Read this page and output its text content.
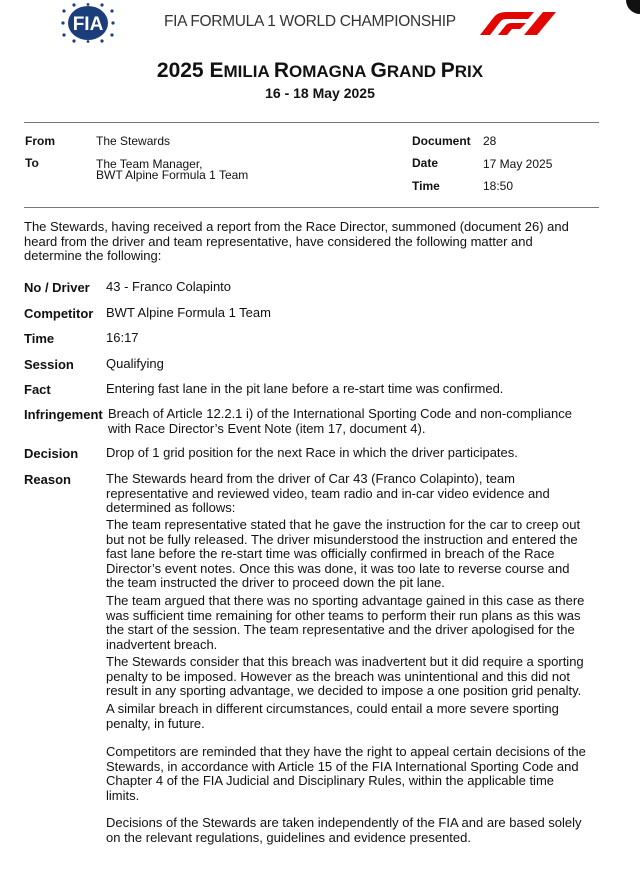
FIA	FIA FORMULA 1 WORLD CHAMPIONSHIP
2025 EMILIA ROMAGNA GRAND PRIX
16 - 18 May 2025
From	The Stewards
To	The Team Manager,
BWT Alpine Formula 1 Team
Document 28
Date	17 May 2025
Time	18:50
The Stewards, having received a report from the Race Director, summoned (document 26) and heard from the driver and team representative, have considered the following matter and determine the following:
No / Driver 43 - Franco Colapinto
Competitor BWT Alpine Formula 1 Team
Time	16:17
Session Qualifying
Fact	Entering fast lane in the pit lane before a re-start time was confirmed.
Infringement Breach of Article 12.2.1 i) of the International Sporting Code and non-compliance with Race Director’s Event Note (item 17, document 4).
Decision Drop of 1 grid position for the next Race in which the driver participates.
Reason	The Stewards heard from the driver of Car 43 (Franco Colapinto), team representative and reviewed video, team radio and in-car video evidence and determined as follows:
The team representative stated that he gave the instruction for the car to creep out but not be fully released. The driver misunderstood the instruction and entered the fast lane before the re-start time was officially confirmed in breach of the Race Director’s event notes. Once this was done, it was too late to reverse course and the team instructed the driver to proceed down the pit lane.
The team argued that there was no sporting advantage gained in this case as there was sufficient time remaining for other teams to perform their run plans as this was the start of the session. The team representative and the driver apologised for the inadvertent breach.
The Stewards consider that this breach was inadvertent but it did require a sporting penalty to be imposed. However as the breach was unintentional and this did not result in any sporting advantage, we decided to impose a one position grid penalty.
A similar breach in different circumstances, could entail a more severe sporting penalty, in future.
Competitors are reminded that they have the right to appeal certain decisions of the Stewards, in accordance with Article 15 of the FIA International Sporting Code and Chapter 4 of the FIA Judicial and Disciplinary Rules, within the applicable time limits.
Decisions of the Stewards are taken independently of the FIA and are based solely on the relevant regulations, guidelines and evidence presented.
